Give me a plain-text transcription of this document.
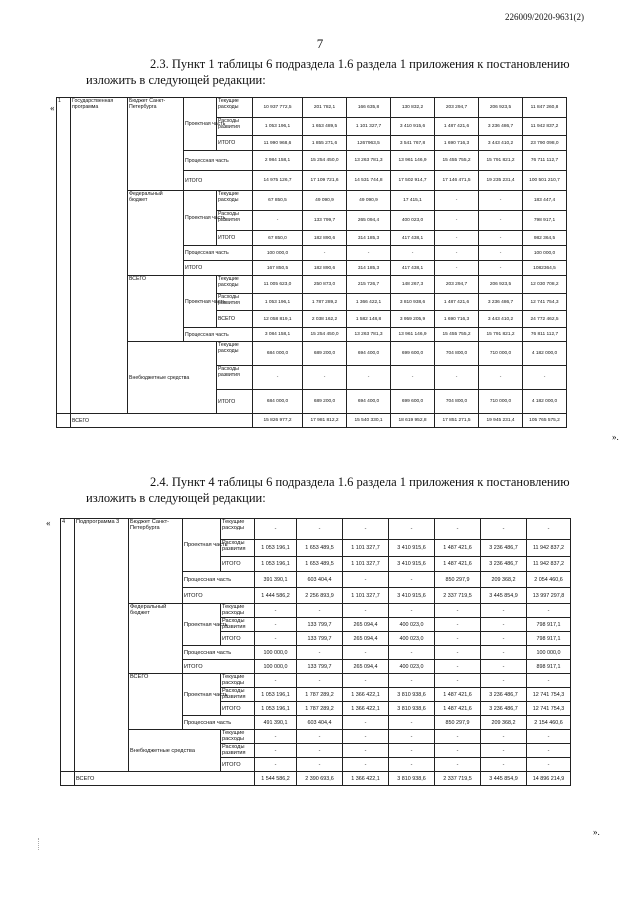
226009/2020-9631(2)
7
2.3. Пункт 1 таблицы 6 подраздела 1.6 раздела 1 приложения к постановлению изложить в следующей редакции:
«
».
1	Государственная программа	Бюджет Санкт-Петербурга	Проектная часть	Текущие расходы	10 937 772,5	201 782,1	166 635,8	130 832,2	203 294,7	206 923,5	11 847 260,8
				Расходы развития	1 053 196,1	1 653 489,5	1 101 327,7	3 410 915,6	1 487 421,6	3 236 486,7	11 942 837,2
				ИТОГО	11 990 968,6	1 855 271,6	1267963,5	3 541 767,8	1 690 716,3	3 443 410,2	23 790 098,0
			Процессная часть		2 984 158,1	15 254 450,0	13 263 781,3	13 961 146,9	15 455 755,2	15 791 821,2	76 711 112,7
			ИТОГО		14 975 126,7	17 109 721,6	14 531 744,8	17 502 914,7	17 146 471,5	19 235 231,4	100 501 210,7
		Федеральный бюджет	Проектная часть	Текущие расходы	67 850,5	49 090,9	49 090,9	17 415,1	-	-	183 447,4
				Расходы развития	-	133 799,7	265 094,4	400 023,0	-	-	798 917,1
				ИТОГО	67 850,0	182 890,6	314 185,3	417 438,1	-	-	982 364,5
			Процессная часть		100 000,0	-	-	-	-	-	100 000,0
			ИТОГО		167 850,5	182 890,6	314 185,3	417 438,1	-	-	1082364,5
		ВСЕГО	Проектная часть	Текущие расходы	11 005 623,0	250 873,0	215 726,7	148 267,3	203 294,7	206 923,5	12 030 708,2
				Расходы развития	1 053 196,1	1 787 289,2	1 366 422,1	3 810 938,6	1 487 421,6	3 236 486,7	12 741 754,3
				ВСЕГО	12 058 819,1	2 038 162,2	1 582 148,8	3 959 205,9	1 690 716,3	3 443 410,2	24 772 462,5
			Процессная часть		3 084 158,1	15 254 450,0	13 263 781,3	13 961 146,9	15 455 755,2	15 791 821,2	76 811 112,7
		Внебюджетные средства		Текущие расходы	684 000,0	689 200,0	694 400,0	699 600,0	704 800,0	710 000,0	4 182 000,0
				Расходы развития	-	-	-	-	-	-	-
				ИТОГО	684 000,0	689 200,0	694 400,0	699 600,0	704 800,0	710 000,0	4 182 000,0
	ВСЕГО				15 826 977,2	17 981 812,2	15 540 330,1	18 619 952,8	17 851 271,5	19 945 231,4	105 765 575,2
2.4. Пункт 4 таблицы 6 подраздела 1.6 раздела 1 приложения к постановлению изложить в следующей редакции:
«
».
4	Подпрограмма 3	Бюджет Санкт-Петербурга	Проектная часть	Текущие расходы	-	-	-	-	-	-	-
				Расходы развития	1 053 196,1	1 653 489,5	1 101 327,7	3 410 915,6	1 487 421,6	3 236 486,7	11 942 837,2
				ИТОГО	1 053 196,1	1 653 489,5	1 101 327,7	3 410 915,6	1 487 421,6	3 236 486,7	11 942 837,2
			Процессная часть		391 390,1	603 404,4	-	-	850 297,9	209 368,2	2 054 460,6
			ИТОГО		1 444 586,2	2 256 893,9	1 101 327,7	3 410 915,6	2 337 719,5	3 445 854,9	13 997 297,8
		Федеральный бюджет	Проектная часть	Текущие расходы	-	-	-	-	-	-	-
				Расходы развития	-	133 799,7	265 094,4	400 023,0	-	-	798 917,1
				ИТОГО	-	133 799,7	265 094,4	400 023,0	-	-	798 917,1
			Процессная часть		100 000,0	-	-	-	-	-	100 000,0
			ИТОГО		100 000,0	133 799,7	265 094,4	400 023,0	-	-	898 917,1
		ВСЕГО	Проектная часть	Текущие расходы	-	-	-	-	-	-	-
				Расходы развития	1 053 196,1	1 787 289,2	1 366 422,1	3 810 938,6	1 487 421,6	3 236 486,7	12 741 754,3
				ИТОГО	1 053 196,1	1 787 289,2	1 366 422,1	3 810 938,6	1 487 421,6	3 236 486,7	12 741 754,3
			Процессная часть		491 390,1	603 404,4	-	-	850 297,9	209 368,2	2 154 460,6
		Внебюджетные средства		Текущие расходы	-	-	-	-	-	-	-
				Расходы развития	-	-	-	-	-	-	-
				ИТОГО	-	-	-	-	-	-	-
	ВСЕГО				1 544 586,2	2 390 693,6	1 366 422,1	3 810 938,6	2 337 719,5	3 445 854,9	14 896 214,9
